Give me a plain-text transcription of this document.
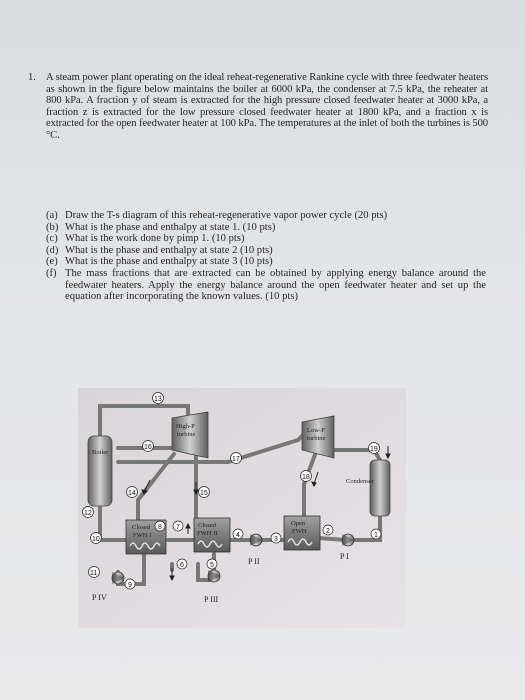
1. A steam power plant operating on the ideal reheat-regenerative Rankine cycle with three feedwater heaters as shown in the figure below maintains the boiler at 6000 kPa, the condenser at 7.5 kPa, the reheater at 800 kPa. A fraction y of steam is extracted for the high pressure closed feedwater heater at 3000 kPa, a fraction z is extracted for the low pressure closed feedwater heater at 1800 kPa, and a fraction x is extracted for the open feedwater heater at 100 kPa. The temperatures at the inlet of both the turbines is 500 °C.
(a) Draw the T-s diagram of this reheat-regenerative vapor power cycle (20 pts)
(b) What is the phase and enthalpy at state 1. (10 pts)
(c) What is the work done by pimp 1. (10 pts)
(d) What is the phase and enthalpy at state 2 (10 pts)
(e) What is the phase and enthalpy at state 3 (10 pts)
(f) The mass fractions that are extracted can be obtained by applying energy balance around the feedwater heaters. Apply the energy balance around the open feedwater heater and set up the equation after incorporating the known values. (10 pts)
Boiler
High-P
turbine
Low-P
turbine
Condenser
Closed
FWH I
Closed
FWH II
Open
FWH
P I
P II
P III
P IV
1
2
3
4
5
6
7
8
9
10
11
12
13
14	15
16
17
18
19
